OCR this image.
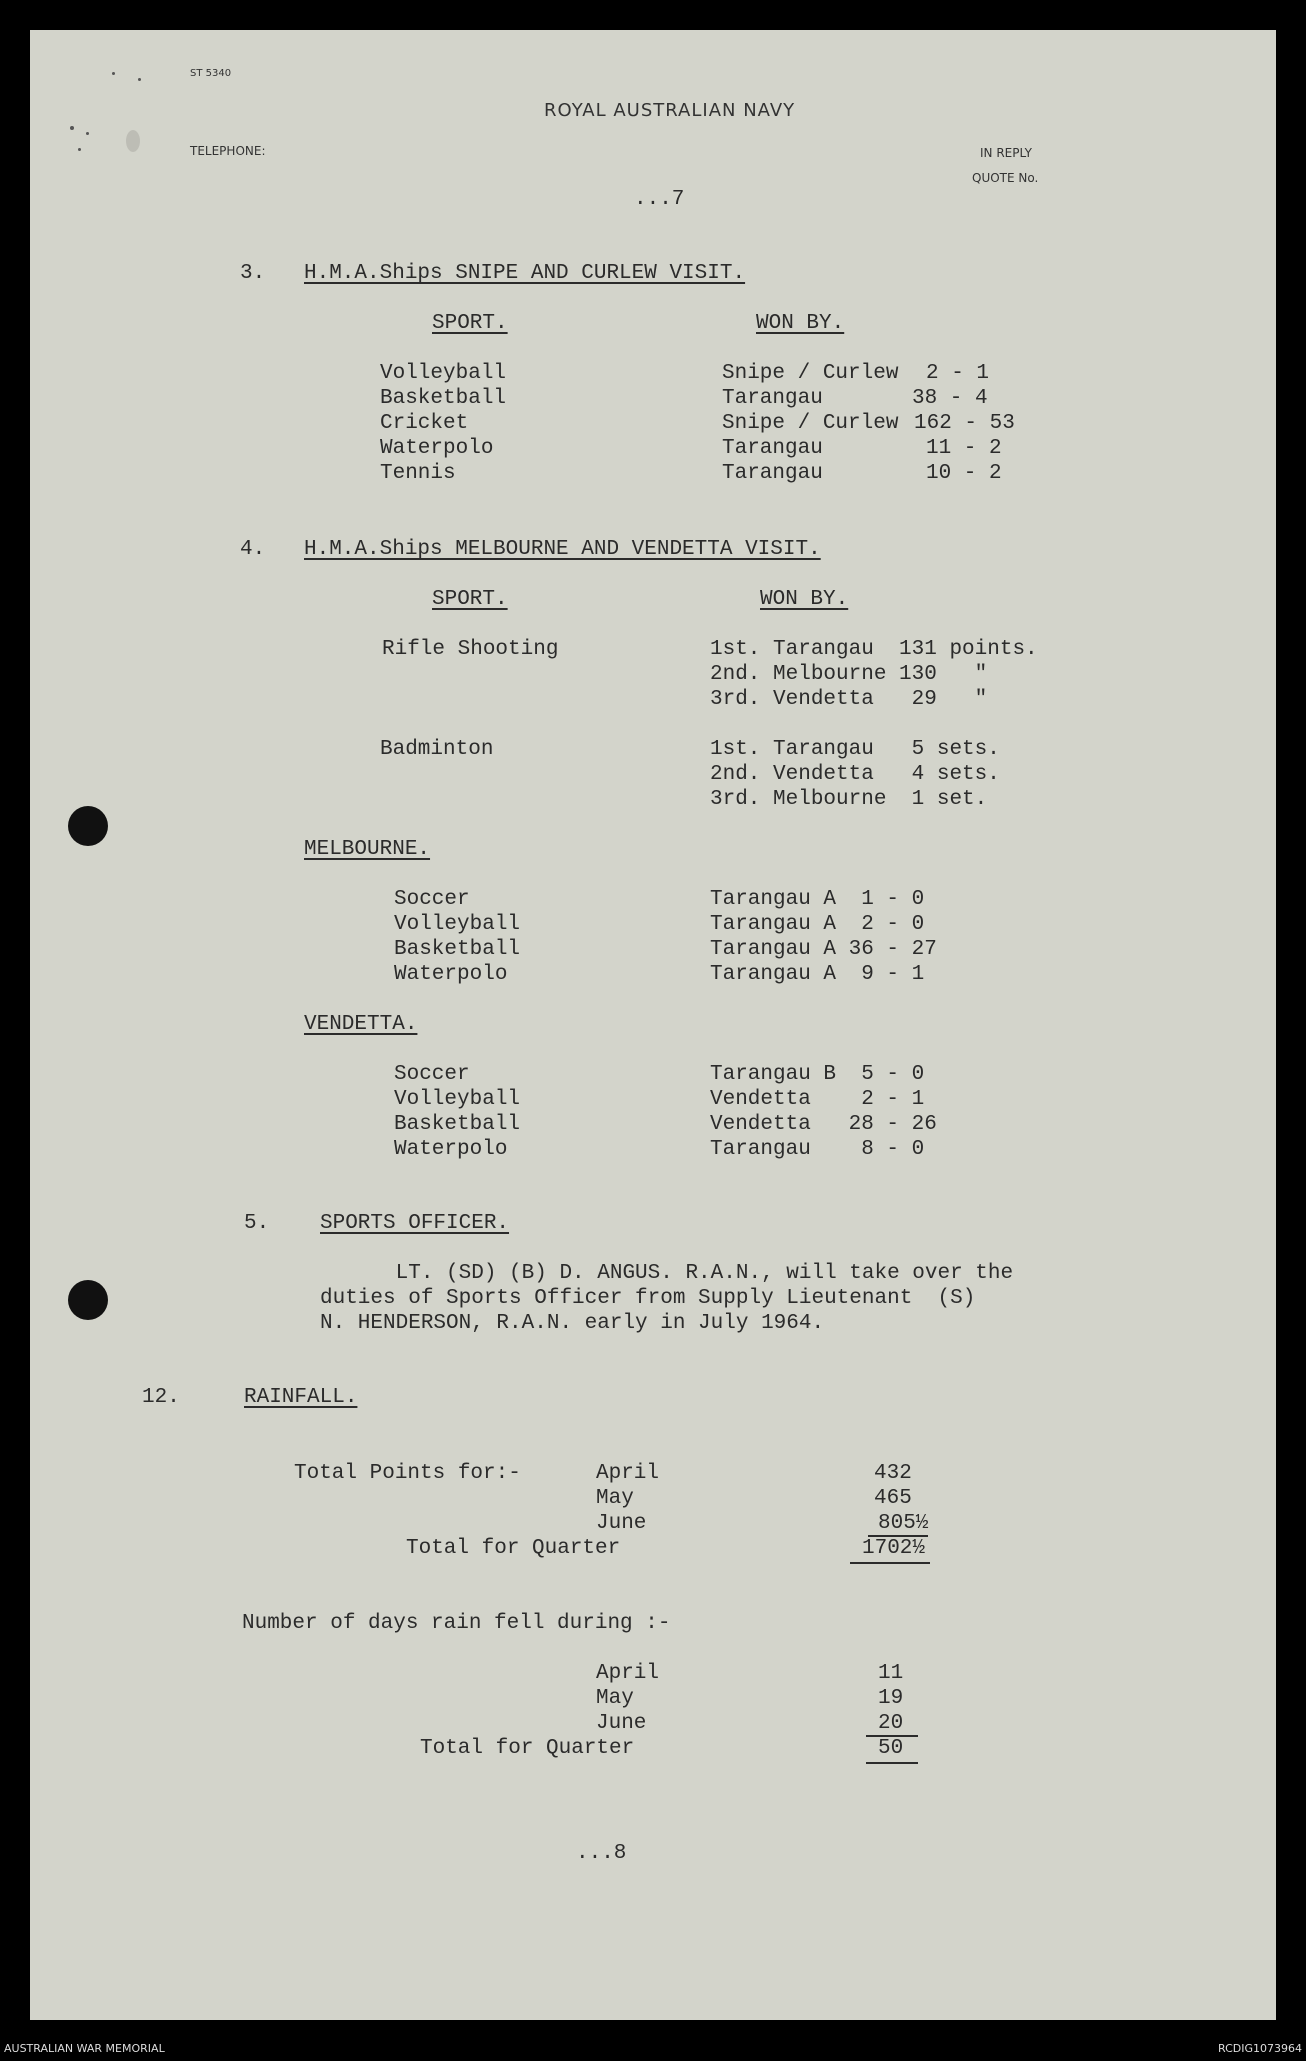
ST 5340
ROYAL AUSTRALIAN NAVY
TELEPHONE:	IN REPLY
QUOTE No.
...7
3. H.M.A.Ships SNIPE AND CURLEW VISIT.
SPORT.	WON BY.
Volleyball	Snipe / Curlew 2 - 1
Basketball	Tarangau	38 - 4
Cricket	Snipe / Curlew 162 - 53
Waterpolo	Tarangau	11 - 2
Tennis	Tarangau	10 - 2
4. H.M.A.Ships MELBOURNE AND VENDETTA VISIT.
SPORT.	WON BY.
Rifle Shooting	1st. Tarangau  131 points.
2nd. Melbourne 130   "
3rd. Vendetta   29   "
Badminton	1st. Tarangau   5 sets.
2nd. Vendetta   4 sets.
3rd. Melbourne  1 set.
MELBOURNE.
Soccer	Tarangau A  1 - 0
Volleyball	Tarangau A  2 - 0
Basketball	Tarangau A 36 - 27
Waterpolo	Tarangau A  9 - 1
VENDETTA.
Soccer	Tarangau B  5 - 0
Volleyball	Vendetta    2 - 1
Basketball	Vendetta   28 - 26
Waterpolo	Tarangau    8 - 0
5. SPORTS OFFICER.
LT. (SD) (B) D. ANGUS. R.A.N., will take over the
duties of Sports Officer from Supply Lieutenant  (S)
N. HENDERSON, R.A.N. early in July 1964.
12.	RAINFALL.
Total Points for:-	April	432
May	465
June	805½
Total for Quarter	1702½
Number of days rain fell during :-
April	11
May	19
June	20
Total for Quarter	50
...8
AUSTRALIAN WAR MEMORIAL	RCDIG1073964
